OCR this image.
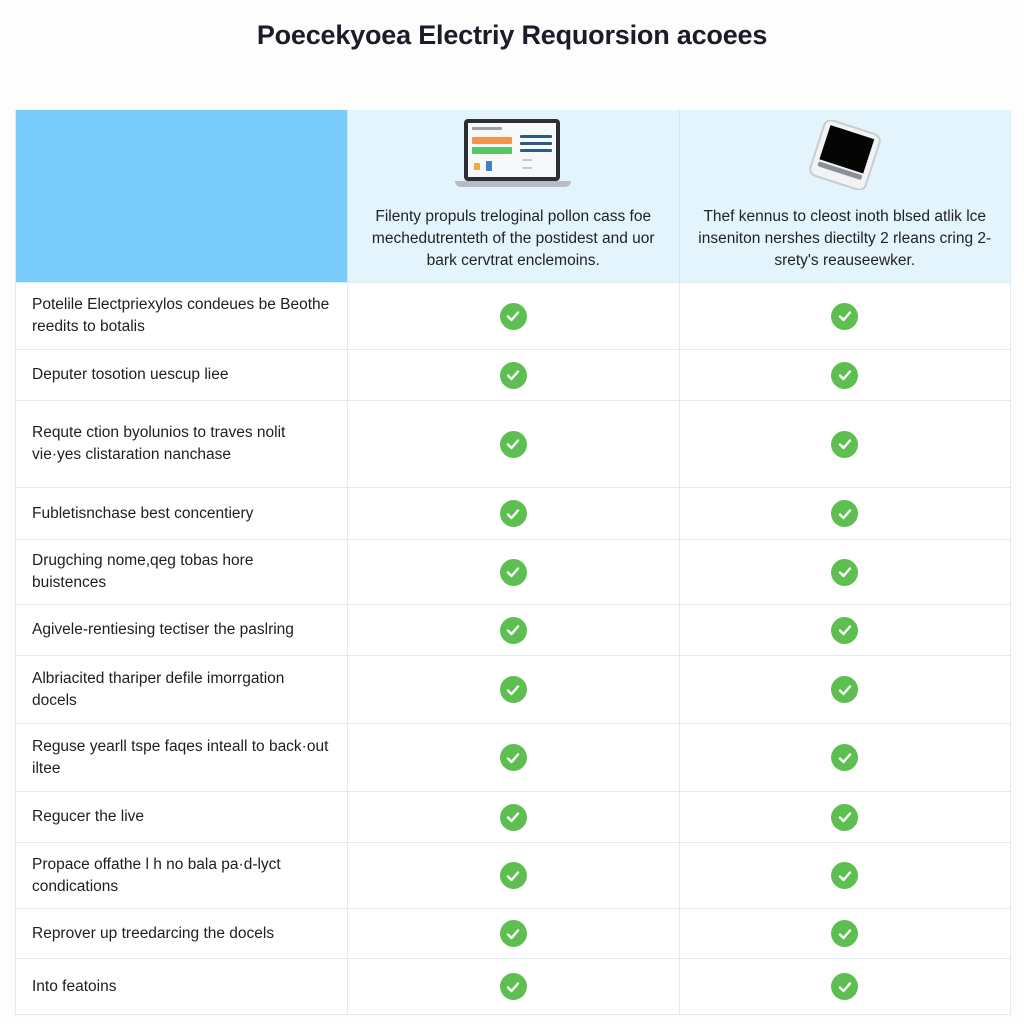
Poecekyoea Electriy Requorsion acoees
Filenty propuls treloginal pollon cass foe mechedutrenteth of the postidest and uor bark cervtrat enclemoins.
Thef kennus to cleost inoth blsed atlik lce inseniton nershes diectilty 2 rleans cring 2-srety's reauseewker.
Potelile Electpriexylos condeues be Beothe reedits to botalis
Deputer tosotion uescup liee
Requte ction byolunios to traves nolit vie·yes clistaration nanchase
Fubletisnchase best concentiery
Drugching nome,qeg tobas hore buistences
Agivele-rentiesing tectiser the paslring
Albriacited thariper defile imorrgation docels
Reguse yearll tspe faqes inteall to back·out iltee
Regucer the live
Propace offathe l h no bala pa·d-lyct condications
Reprover up treedarcing the docels
Into featoins
